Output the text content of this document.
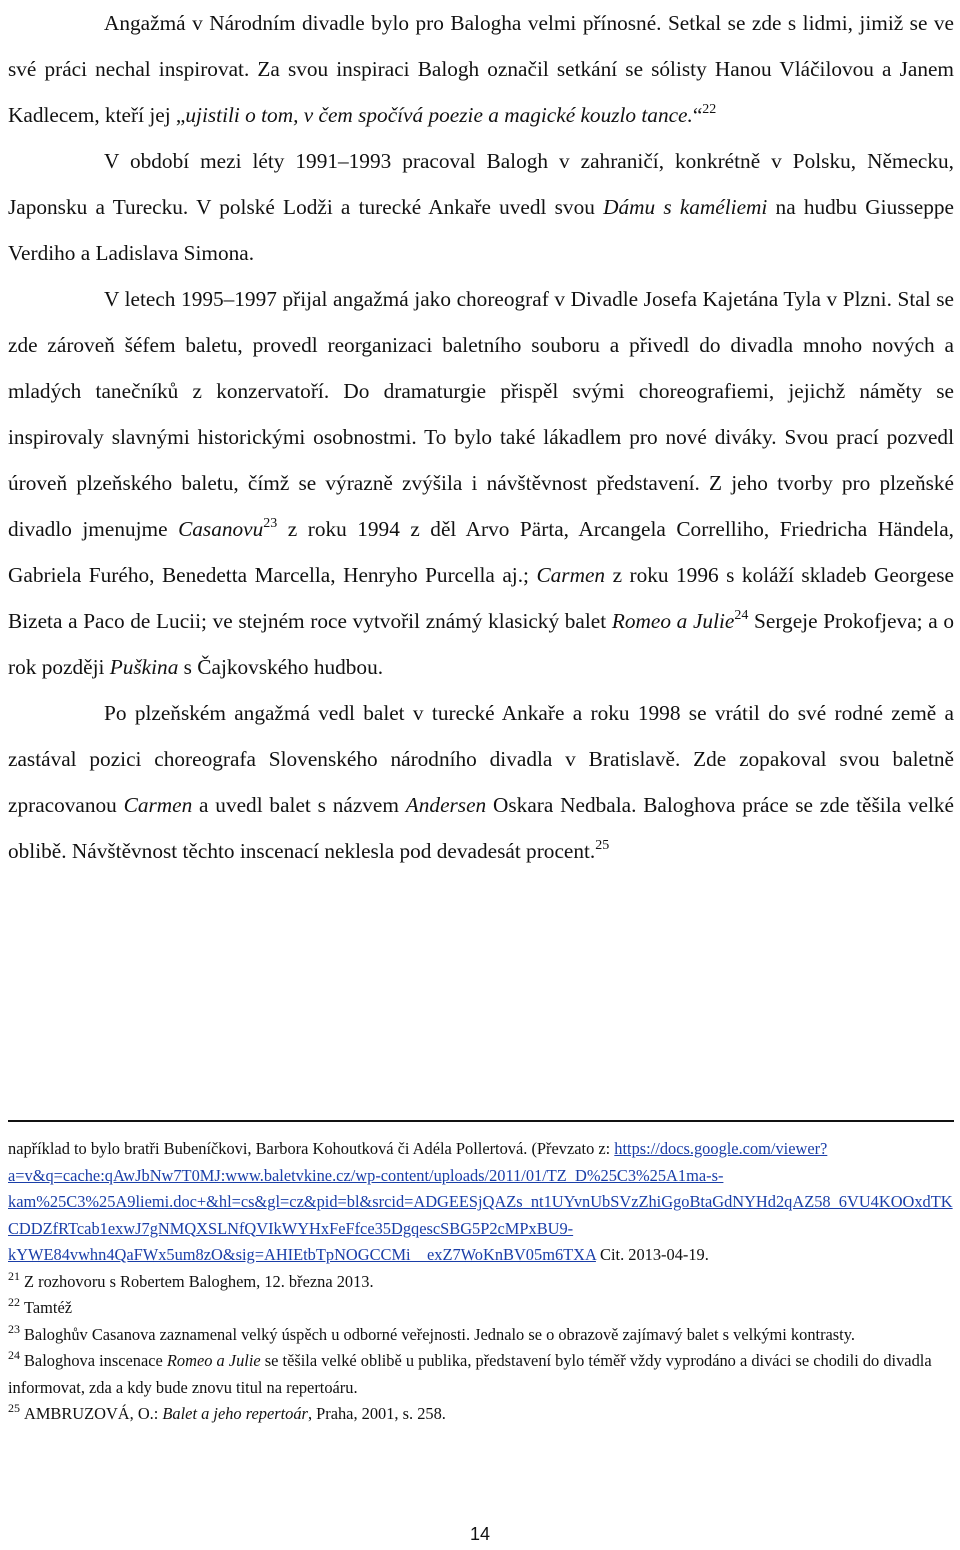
Angažmá v Národním divadle bylo pro Balogha velmi přínosné. Setkal se zde s lidmi, jimiž se ve své práci nechal inspirovat. Za svou inspiraci Balogh označil setkání se sólisty Hanou Vláčilovou a Janem Kadlecem, kteří jej „ujistili o tom, v čem spočívá poezie a magické kouzlo tance.“$^{22}$

V období mezi léty 1991–1993 pracoval Balogh v zahraničí, konkrétně v Polsku, Německu, Japonsku a Turecku. V polské Lodži a turecké Ankaře uvedl svou Dámu s kaméliemi na hudbu Giusseppe Verdiho a Ladislava Simona.

V letech 1995–1997 přijal angažmá jako choreograf v Divadle Josefa Kajetána Tyla v Plzni. Stal se zde zároveň šéfem baletu, provedl reorganizaci baletního souboru a přivedl do divadla mnoho nových a mladých tanečníků z konzervatoří. Do dramaturgie přispěl svými choreografiemi, jejichž náměty se inspirovaly slavnými historickými osobnostmi. To bylo také lákadlem pro nové diváky. Svou prací pozvedl úroveň plzeňského baletu, čímž se výrazně zvýšila i návštěvnost představení. Z jeho tvorby pro plzeňské divadlo jmenujme Casanovu$^{23}$ z roku 1994 z děl Arvo Pärta, Arcangela Correlliho, Friedricha Händela, Gabriela Furého, Benedetta Marcella, Henryho Purcella aj.; Carmen z roku 1996 s koláží skladeb Georgese Bizeta a Paco de Lucii; ve stejném roce vytvořil známý klasický balet Romeo a Julie$^{24}$ Sergeje Prokofjeva; a o rok později Puškina s Čajkovského hudbou.

Po plzeňském angažmá vedl balet v turecké Ankaře a roku 1998 se vrátil do své rodné země a zastával pozici choreografa Slovenského národního divadla v Bratislavě. Zde zopakoval svou baletně zpracovanou Carmen a uvedl balet s názvem Andersen Oskara Nedbala. Baloghova práce se zde těšila velké oblibě. Návštěvnost těchto inscenací neklesla pod devadesát procent.$^{25}$

například to bylo bratři Bubeníčkovi, Barbora Kohoutková či Adéla Pollertová. (Převzato z: https://docs.google.com/viewer?a=v&q=cache:qAwJbNw7T0MJ:www.baletvkine.cz/wp-content/uploads/2011/01/TZ_D%25C3%25A1ma-s-kam%25C3%25A9liemi.doc+&hl=cs&gl=cz&pid=bl&srcid=ADGEESjQAZs_nt1UYvnUbSVzZhiGgoBtaGdNYHd2qAZ58_6VU4KOOxdTKCDDZfRTcab1exwJ7gNMQXSLNfQVIkWYHxFeFfce35DgqescSBG5P2cMPxBU9-kYWE84vwhn4QaFWx5um8zO&sig=AHIEtbTpNOGCCMi__exZ7WoKnBV05m6TXA Cit. 2013-04-19.

$^{21}$ Z rozhovoru s Robertem Baloghem, 12. března 2013.

$^{22}$ Tamtéž

$^{23}$ Baloghův Casanova zaznamenal velký úspěch u odborné veřejnosti. Jednalo se o obrazově zajímavý balet s velkými kontrasty.

$^{24}$ Baloghova inscenace Romeo a Julie se těšila velké oblibě u publika, představení bylo téměř vždy vyprodáno a diváci se chodili do divadla informovat, zda a kdy bude znovu titul na repertoáru.

$^{25}$ AMBRUZOVÁ, O.: Balet a jeho repertoár, Praha, 2001, s. 258.

14
